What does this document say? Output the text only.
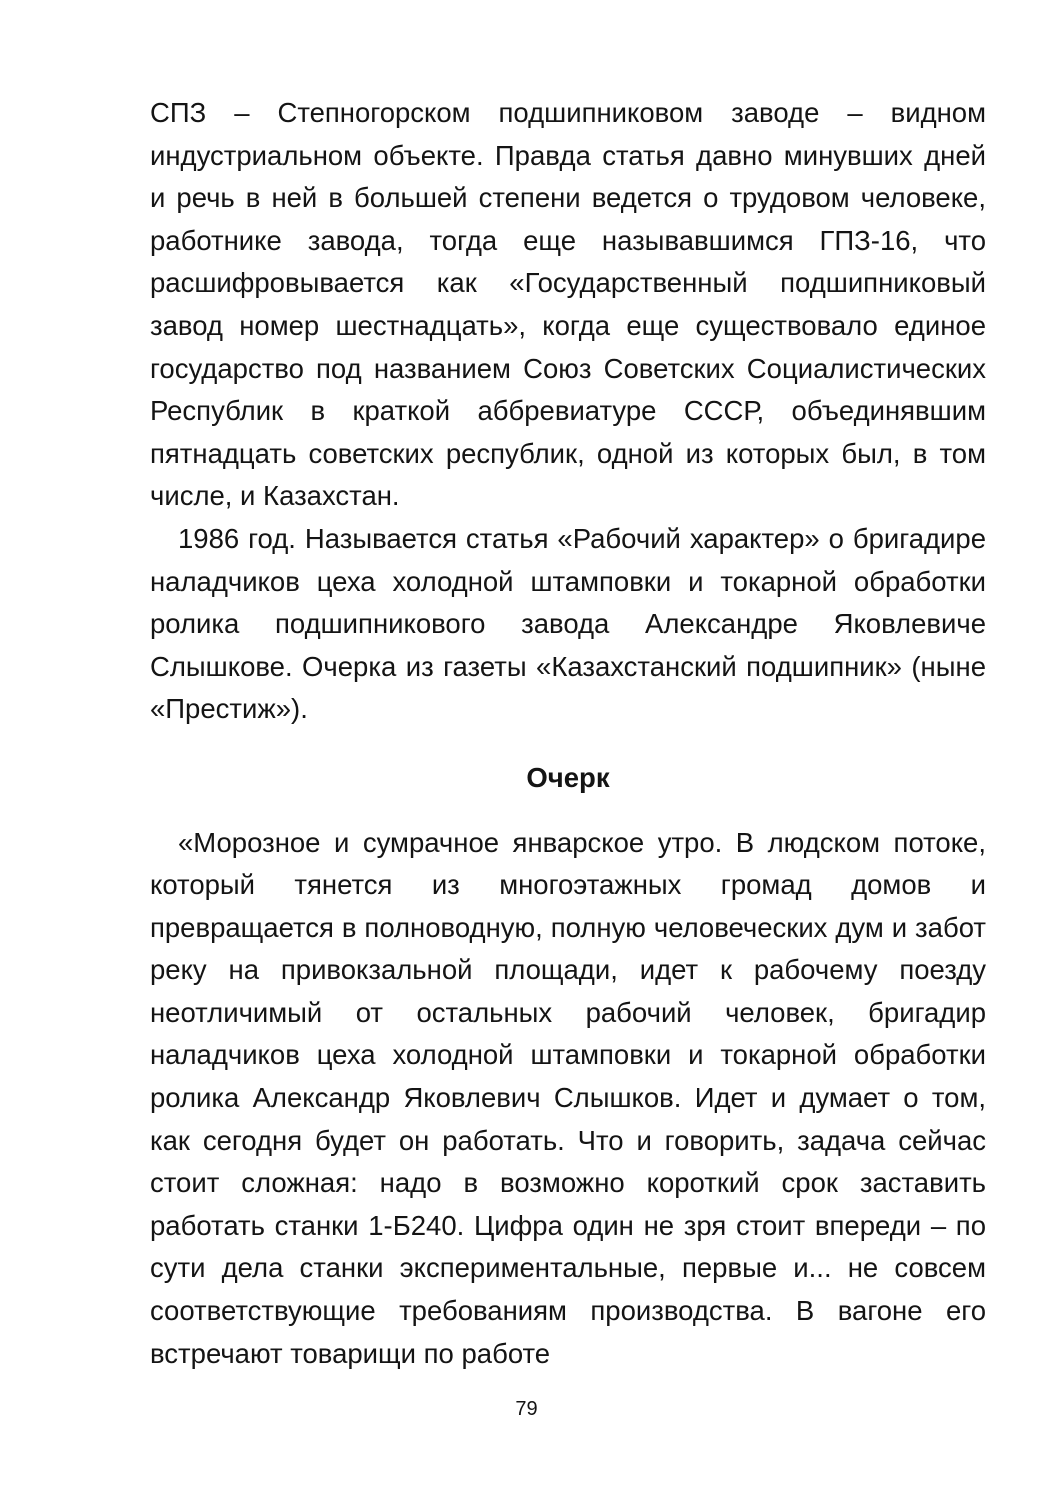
СПЗ – Степногорском подшипниковом заводе – видном индустриальном объекте. Правда статья давно минувших дней и речь в ней в большей степени ведется о трудовом человеке, работнике завода, тогда еще называвшимся ГПЗ-16, что расшифровывается как «Государственный подшипниковый завод номер шестнадцать», когда еще существовало единое государство под названием Союз Советских Социалистических Республик в краткой аббревиатуре СССР, объединявшим пятнадцать советских республик, одной из которых был, в том числе, и Казахстан.

1986 год. Называется статья «Рабочий характер» о бригадире наладчиков цеха холодной штамповки и токарной обработки ролика подшипникового завода Александре Яковлевиче Слышкове. Очерка из газеты «Казахстанский подшипник» (ныне «Престиж»).

Очерк

«Морозное и сумрачное январское утро. В людском потоке, который тянется из многоэтажных громад домов и превращается в полноводную, полную человеческих дум и забот реку на привокзальной площади, идет к рабочему поезду неотличимый от остальных рабочий человек, бригадир наладчиков цеха холодной штамповки и токарной обработки ролика Александр Яковлевич Слышков. Идет и думает о том, как сегодня будет он работать. Что и говорить, задача сейчас стоит сложная: надо в возможно короткий срок заставить работать станки 1-Б240. Цифра один не зря стоит впереди – по сути дела станки экспериментальные, первые и... не совсем соответствующие требованиям производства. В вагоне его встречают товарищи по работе

79
